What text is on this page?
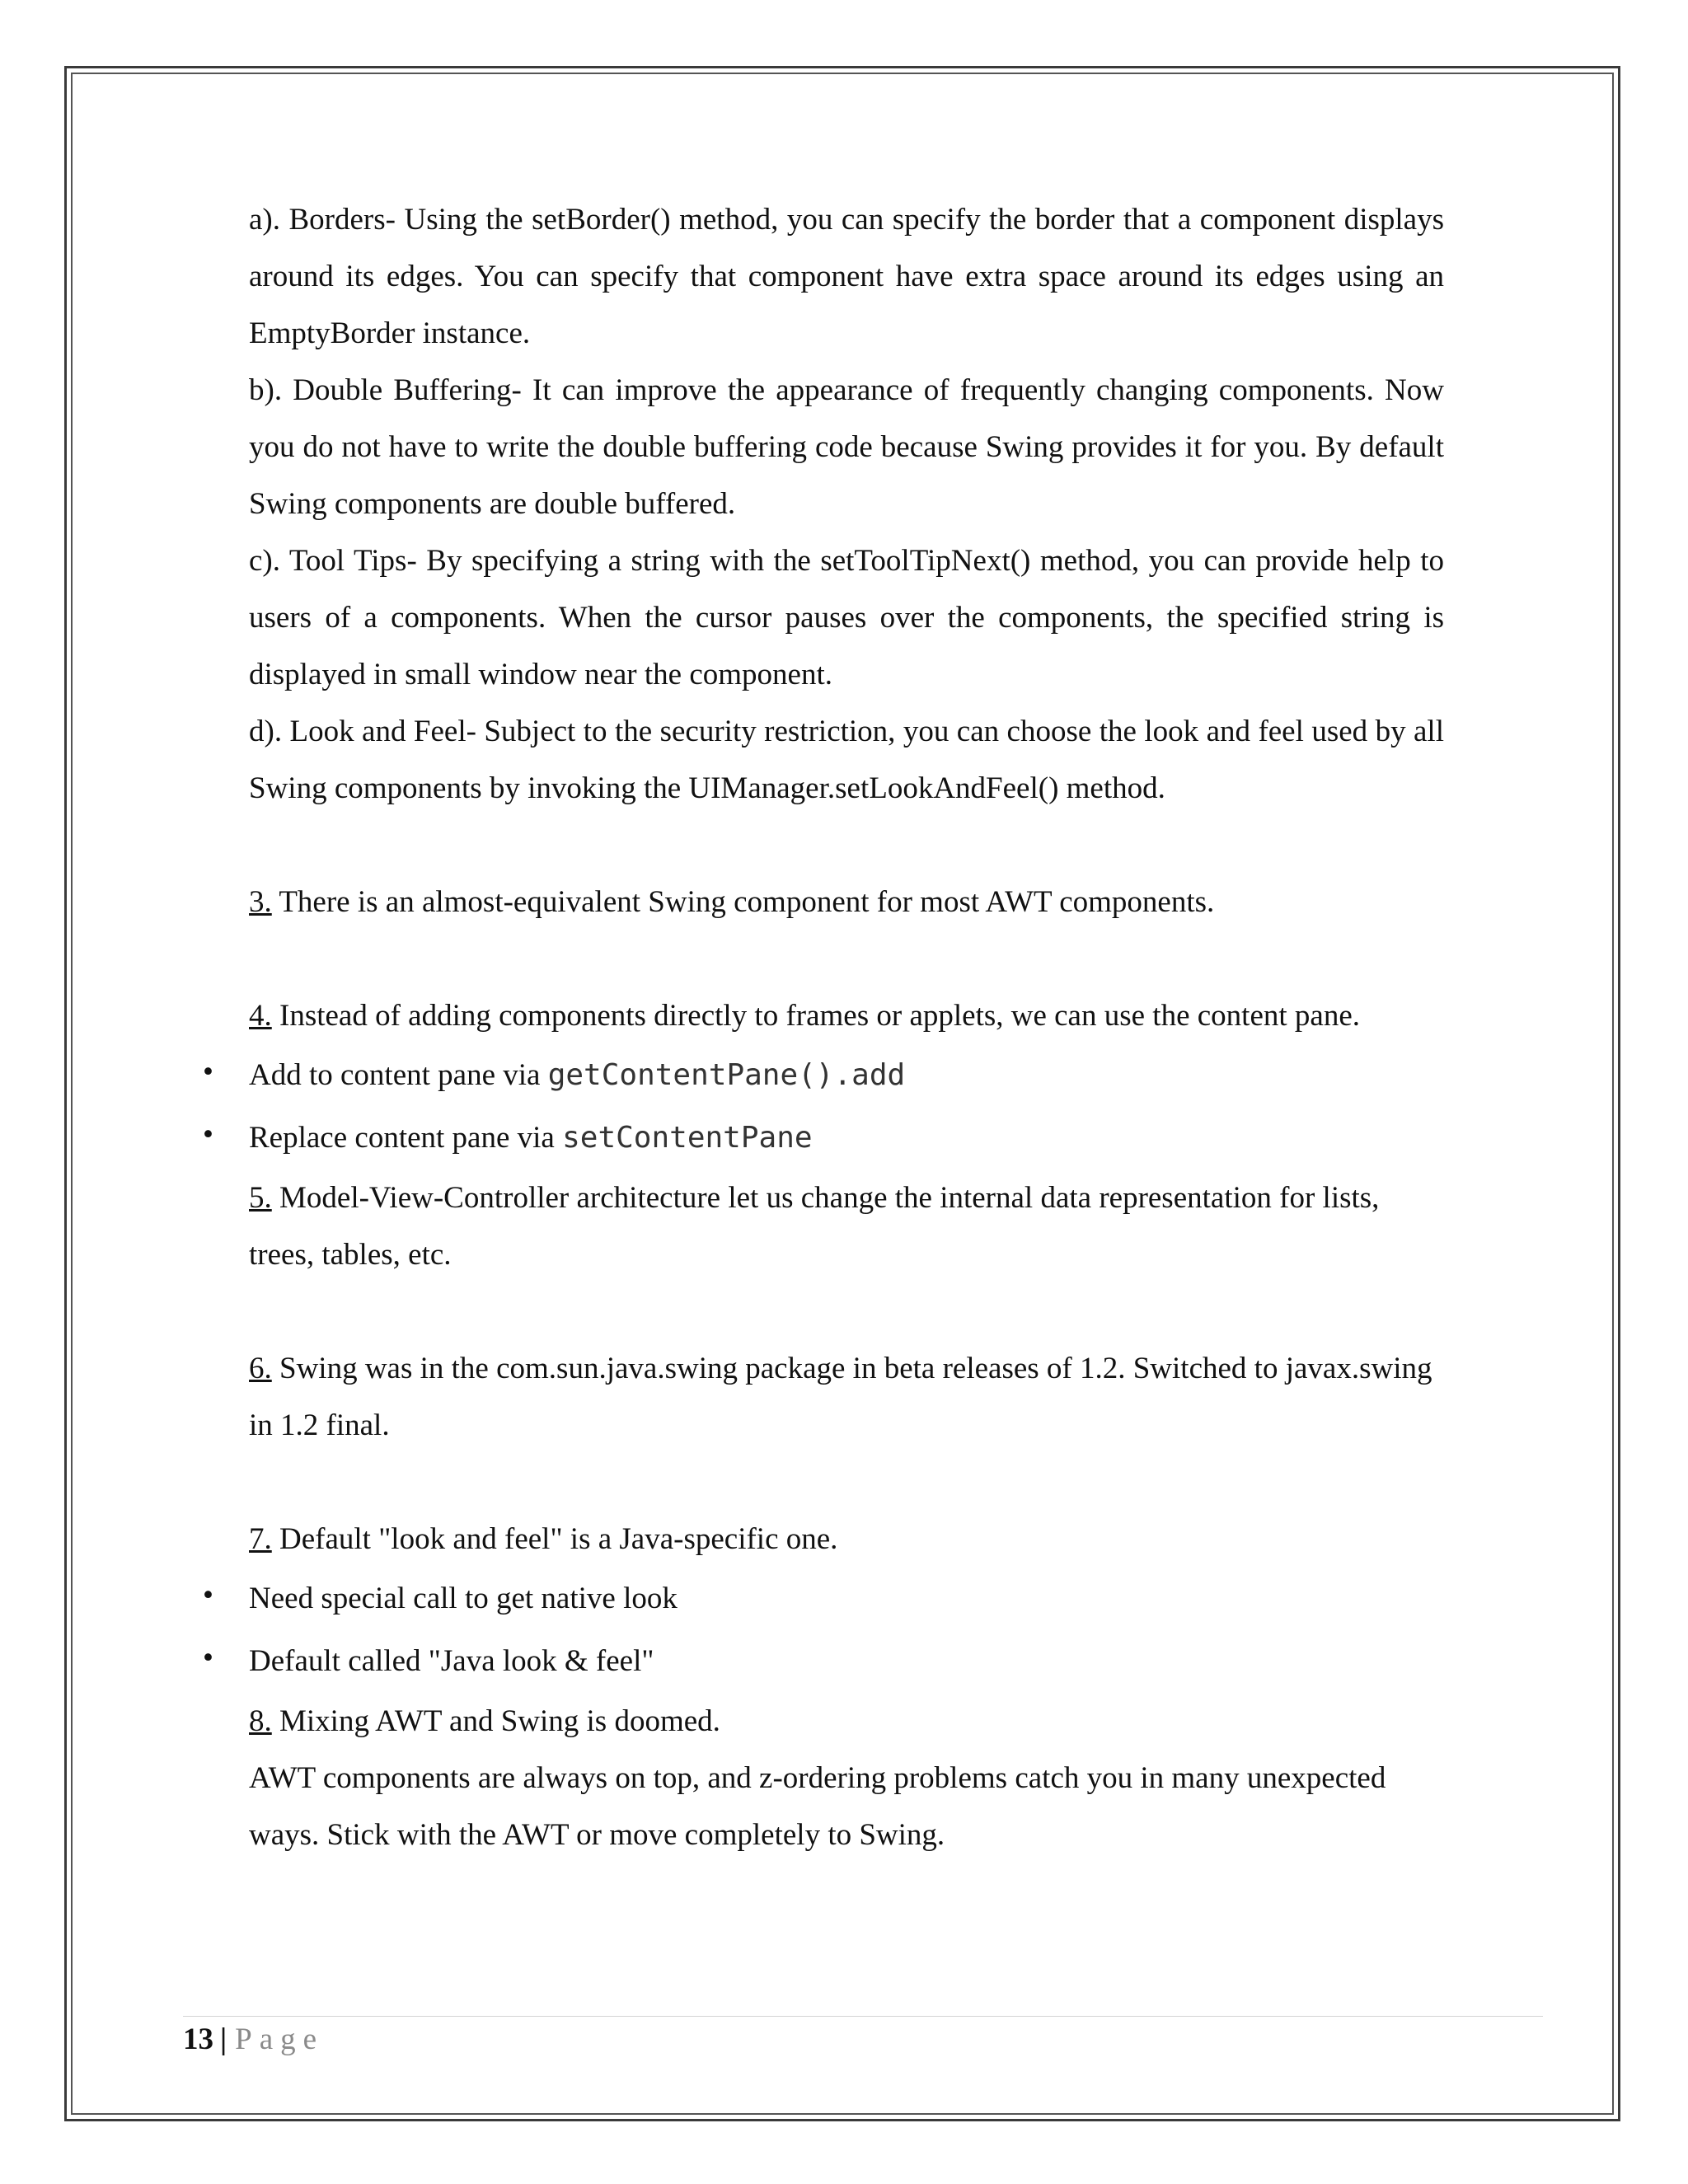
a). Borders- Using the setBorder() method, you can specify the border that a component displays around its edges. You can specify that component have extra space around its edges using an EmptyBorder instance.

b). Double Buffering- It can improve the appearance of frequently changing components. Now you do not have to write the double buffering code because Swing provides it for you. By default Swing components are double buffered.

c). Tool Tips- By specifying a string with the setToolTipNext() method, you can provide help to users of a components. When the cursor pauses over the components, the specified string is displayed in small window near the component.

d). Look and Feel- Subject to the security restriction, you can choose the look and feel used by all Swing components by invoking the UIManager.setLookAndFeel() method.

3. There is an almost-equivalent Swing component for most AWT components.

4. Instead of adding components directly to frames or applets, we can use the content pane.

• Add to content pane via getContentPane().add

• Replace content pane via setContentPane

5. Model-View-Controller architecture let us change the internal data representation for lists, trees, tables, etc.

6. Swing was in the com.sun.java.swing package in beta releases of 1.2. Switched to javax.swing in 1.2 final.

7. Default "look and feel" is a Java-specific one.

• Need special call to get native look

• Default called "Java look & feel"

8. Mixing AWT and Swing is doomed.

AWT components are always on top, and z-ordering problems catch you in many unexpected ways. Stick with the AWT or move completely to Swing.

13 | Page
